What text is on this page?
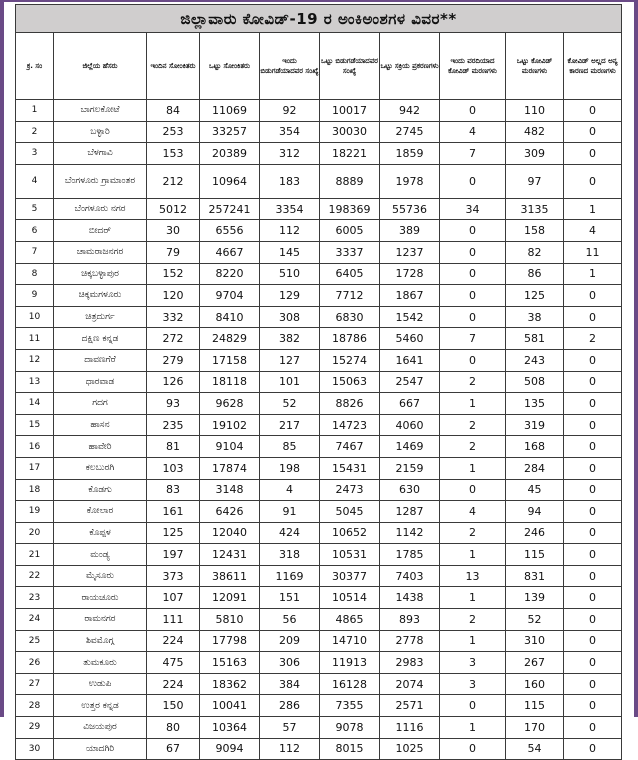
ಜಿಲ್ಲಾವಾರು ಕೋವಿಡ್-19 ರ ಅಂಕಿಅಂಶಗಳ ವಿವರ**									
ಕ್ರ. ಸಂ	ಜಿಲ್ಲೆಯ ಹೆಸರು	ಇಂದಿನ ಸೋಂಕಿತರು	ಒಟ್ಟು ಸೋಂಕಿತರು	ಇಂದು ಬಿಡುಗಡೆಯಾದವರ ಸಂಖ್ಯೆ	ಒಟ್ಟು ಬಿಡುಗಡೆಯಾದವರ ಸಂಖ್ಯೆ	ಒಟ್ಟು ಸಕ್ರಿಯ ಪ್ರಕರಣಗಳು	ಇಂದು ವರದಿಯಾದ ಕೋವಿಡ್ ಮರಣಗಳು	ಒಟ್ಟು ಕೋವಿಡ್ ಮರಣಗಳು	ಕೋವಿಡ್ ಅಲ್ಲದ ಅನ್ಯ ಕಾರಣದ ಮರಣಗಳು
1	ಬಾಗಲಕೋಟೆ	84	11069	92	10017	942	0	110	0
2	ಬಳ್ಳಾರಿ	253	33257	354	30030	2745	4	482	0
3	ಬೆಳಗಾವಿ	153	20389	312	18221	1859	7	309	0
4	ಬೆಂಗಳೂರು ಗ್ರಾಮಾಂತರ	212	10964	183	8889	1978	0	97	0
5	ಬೆಂಗಳೂರು ನಗರ	5012	257241	3354	198369	55736	34	3135	1
6	ಬೀದರ್	30	6556	112	6005	389	0	158	4
7	ಚಾಮರಾಜನಗರ	79	4667	145	3337	1237	0	82	11
8	ಚಿಕ್ಕಬಳ್ಳಾಪುರ	152	8220	510	6405	1728	0	86	1
9	ಚಿಕ್ಕಮಗಳೂರು	120	9704	129	7712	1867	0	125	0
10	ಚಿತ್ರದುರ್ಗ	332	8410	308	6830	1542	0	38	0
11	ದಕ್ಷಿಣ ಕನ್ನಡ	272	24829	382	18786	5460	7	581	2
12	ದಾವಣಗೆರೆ	279	17158	127	15274	1641	0	243	0
13	ಧಾರವಾಡ	126	18118	101	15063	2547	2	508	0
14	ಗದಗ	93	9628	52	8826	667	1	135	0
15	ಹಾಸನ	235	19102	217	14723	4060	2	319	0
16	ಹಾವೇರಿ	81	9104	85	7467	1469	2	168	0
17	ಕಲಬುರಗಿ	103	17874	198	15431	2159	1	284	0
18	ಕೊಡಗು	83	3148	4	2473	630	0	45	0
19	ಕೋಲಾರ	161	6426	91	5045	1287	4	94	0
20	ಕೊಪ್ಪಳ	125	12040	424	10652	1142	2	246	0
21	ಮಂಡ್ಯ	197	12431	318	10531	1785	1	115	0
22	ಮೈಸೂರು	373	38611	1169	30377	7403	13	831	0
23	ರಾಯಚೂರು	107	12091	151	10514	1438	1	139	0
24	ರಾಮನಗರ	111	5810	56	4865	893	2	52	0
25	ಶಿವಮೊಗ್ಗ	224	17798	209	14710	2778	1	310	0
26	ತುಮಕೂರು	475	15163	306	11913	2983	3	267	0
27	ಉಡುಪಿ	224	18362	384	16128	2074	3	160	0
28	ಉತ್ತರ ಕನ್ನಡ	150	10041	286	7355	2571	0	115	0
29	ವಿಜಯಪುರ	80	10364	57	9078	1116	1	170	0
30	ಯಾದಗಿರಿ	67	9094	112	8015	1025	0	54	0
